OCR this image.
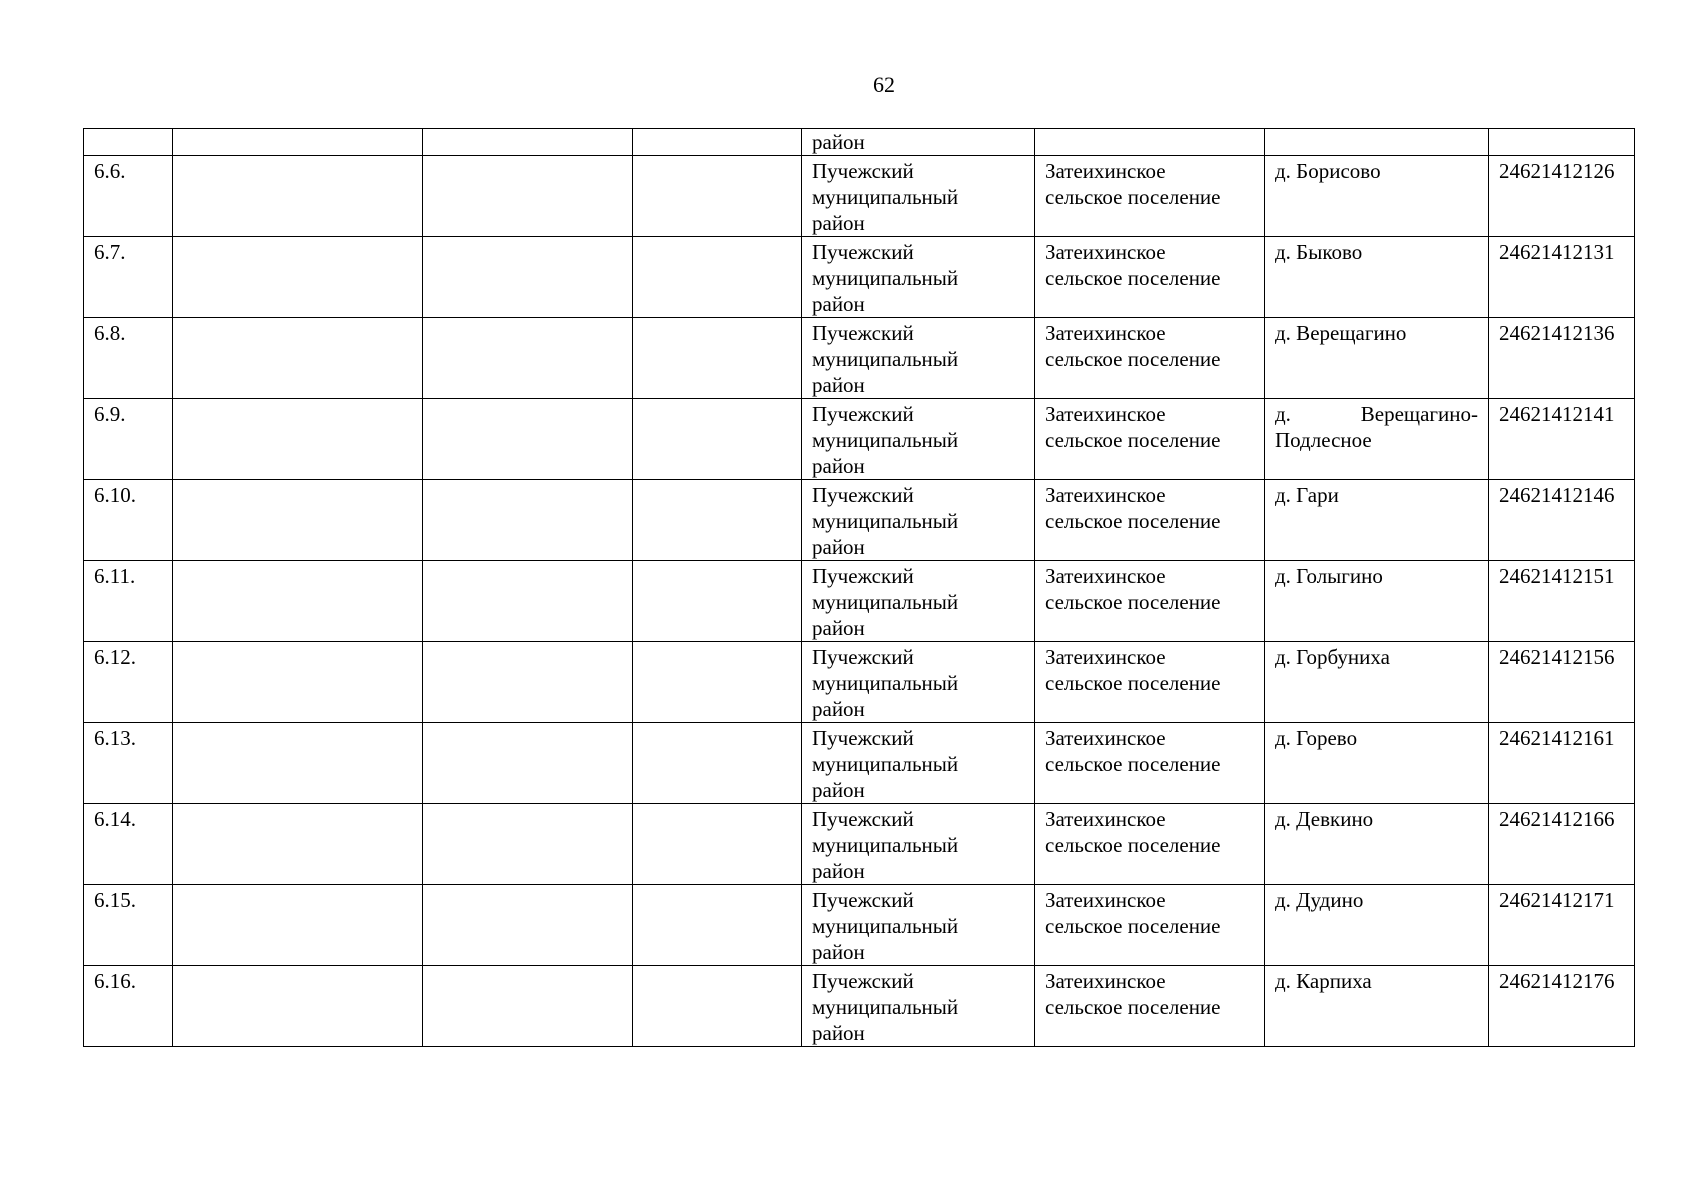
62
				район			
6.6.				Пучежский
муниципальный
район	Затеихинское
сельское поселение	д. Борисово	24621412126
6.7.				Пучежский
муниципальный
район	Затеихинское
сельское поселение	д. Быково	24621412131
6.8.				Пучежский
муниципальный
район	Затеихинское
сельское поселение	д. Верещагино	24621412136
6.9.				Пучежский
муниципальный
район	Затеихинское
сельское поселение	д. Верещагино-Подлесное	24621412141
6.10.				Пучежский
муниципальный
район	Затеихинское
сельское поселение	д. Гари	24621412146
6.11.				Пучежский
муниципальный
район	Затеихинское
сельское поселение	д. Голыгино	24621412151
6.12.				Пучежский
муниципальный
район	Затеихинское
сельское поселение	д. Горбуниха	24621412156
6.13.				Пучежский
муниципальный
район	Затеихинское
сельское поселение	д. Горево	24621412161
6.14.				Пучежский
муниципальный
район	Затеихинское
сельское поселение	д. Девкино	24621412166
6.15.				Пучежский
муниципальный
район	Затеихинское
сельское поселение	д. Дудино	24621412171
6.16.				Пучежский
муниципальный
район	Затеихинское
сельское поселение	д. Карпиха	24621412176
